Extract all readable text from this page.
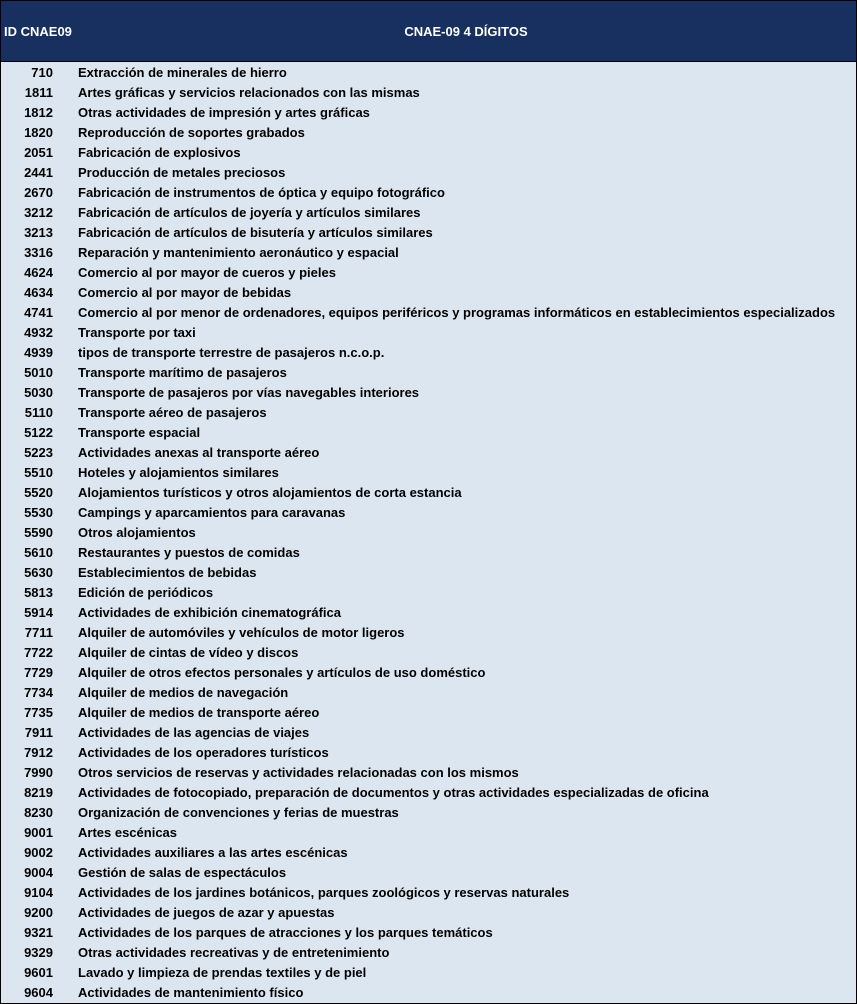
ID CNAE09	CNAE-09 4 DÍGITOS
710 Extracción de minerales de hierro
1811 Artes gráficas y servicios relacionados con las mismas
1812 Otras actividades de impresión y artes gráficas
1820 Reproducción de soportes grabados
2051 Fabricación de explosivos
2441 Producción de metales preciosos
2670 Fabricación de instrumentos de óptica y equipo fotográfico
3212 Fabricación de artículos de joyería y artículos similares
3213 Fabricación de artículos de bisutería y artículos similares
3316 Reparación y mantenimiento aeronáutico y espacial
4624 Comercio al por mayor de cueros y pieles
4634 Comercio al por mayor de bebidas
4741 Comercio al por menor de ordenadores, equipos periféricos y programas informáticos en establecimientos especializados
4932 Transporte por taxi
4939 tipos de transporte terrestre de pasajeros n.c.o.p.
5010 Transporte marítimo de pasajeros
5030 Transporte de pasajeros por vías navegables interiores
5110 Transporte aéreo de pasajeros
5122 Transporte espacial
5223 Actividades anexas al transporte aéreo
5510 Hoteles y alojamientos similares
5520 Alojamientos turísticos y otros alojamientos de corta estancia
5530 Campings y aparcamientos para caravanas
5590 Otros alojamientos
5610 Restaurantes y puestos de comidas
5630 Establecimientos de bebidas
5813 Edición de periódicos
5914 Actividades de exhibición cinematográfica
7711 Alquiler de automóviles y vehículos de motor ligeros
7722 Alquiler de cintas de vídeo y discos
7729 Alquiler de otros efectos personales y artículos de uso doméstico
7734 Alquiler de medios de navegación
7735 Alquiler de medios de transporte aéreo
7911 Actividades de las agencias de viajes
7912 Actividades de los operadores turísticos
7990 Otros servicios de reservas y actividades relacionadas con los mismos
8219 Actividades de fotocopiado, preparación de documentos y otras actividades especializadas de oficina
8230 Organización de convenciones y ferias de muestras
9001 Artes escénicas
9002 Actividades auxiliares a las artes escénicas
9004 Gestión de salas de espectáculos
9104 Actividades de los jardines botánicos, parques zoológicos y reservas naturales
9200 Actividades de juegos de azar y apuestas
9321 Actividades de los parques de atracciones y los parques temáticos
9329 Otras actividades recreativas y de entretenimiento
9601 Lavado y limpieza de prendas textiles y de piel
9604 Actividades de mantenimiento físico
